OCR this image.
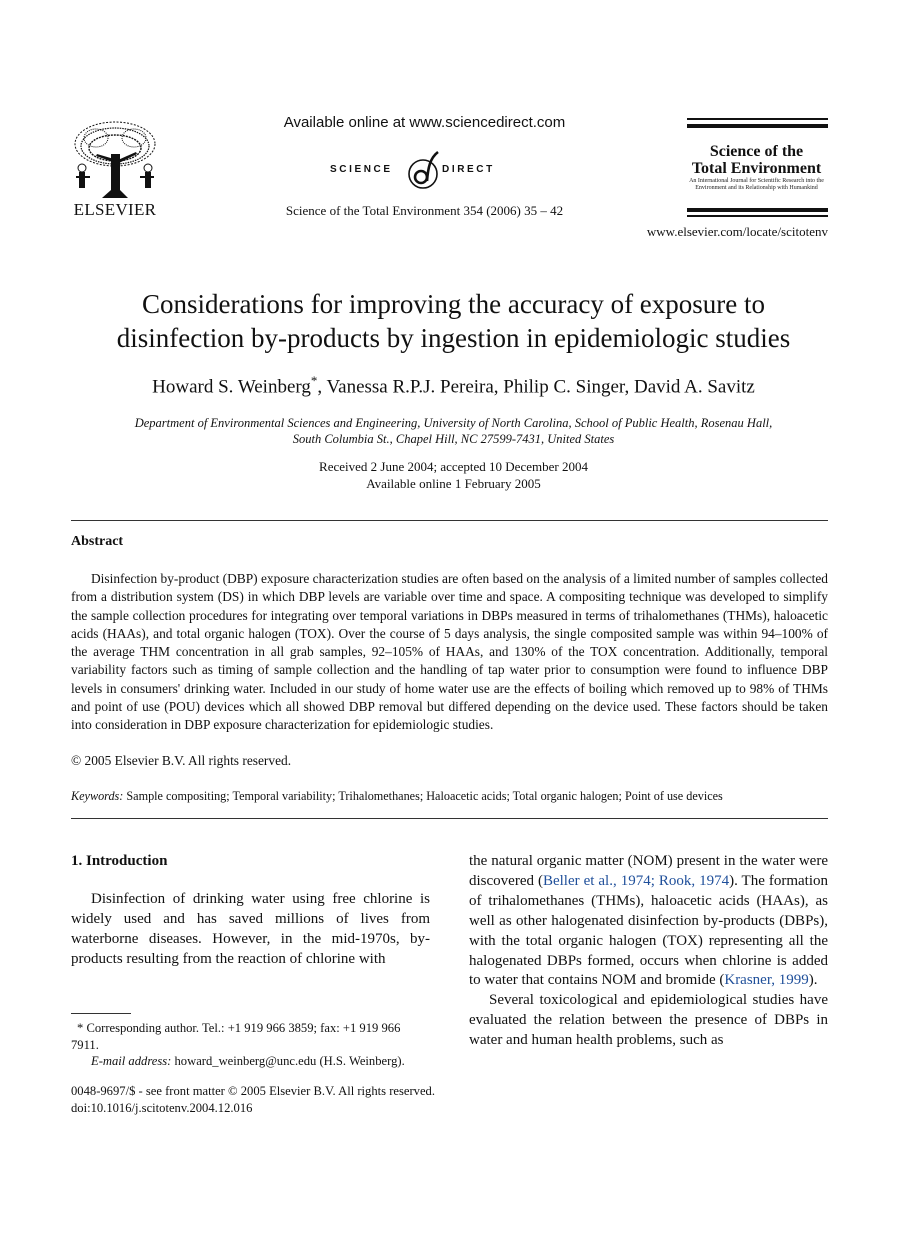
ELSEVIER
Available online at www.sciencedirect.com
SCIENCE	DIRECT
Science of the Total Environment 354 (2006) 35 – 42
Science of the
Total Environment
An International Journal for Scientific Research into the Environment and its Relationship with Humankind
www.elsevier.com/locate/scitotenv
Considerations for improving the accuracy of exposure to
disinfection by-products by ingestion in epidemiologic studies
Howard S. Weinberg*, Vanessa R.P.J. Pereira, Philip C. Singer, David A. Savitz
Department of Environmental Sciences and Engineering, University of North Carolina, School of Public Health, Rosenau Hall,
South Columbia St., Chapel Hill, NC 27599-7431, United States
Received 2 June 2004; accepted 10 December 2004
Available online 1 February 2005
Abstract
Disinfection by-product (DBP) exposure characterization studies are often based on the analysis of a limited number of samples collected from a distribution system (DS) in which DBP levels are variable over time and space. A compositing technique was developed to simplify the sample collection procedures for integrating over temporal variations in DBPs measured in terms of trihalomethanes (THMs), haloacetic acids (HAAs), and total organic halogen (TOX). Over the course of 5 days analysis, the single composited sample was within 94–100% of the average THM concentration in all grab samples, 92–105% of HAAs, and 130% of the TOX concentration. Additionally, temporal variability factors such as timing of sample collection and the handling of tap water prior to consumption were found to influence DBP levels in consumers' drinking water. Included in our study of home water use are the effects of boiling which removed up to 98% of THMs and point of use (POU) devices which all showed DBP removal but differed depending on the device used. These factors should be taken into consideration in DBP exposure characterization for epidemiologic studies.
© 2005 Elsevier B.V. All rights reserved.
Keywords: Sample compositing; Temporal variability; Trihalomethanes; Haloacetic acids; Total organic halogen; Point of use devices
1. Introduction

Disinfection of drinking water using free chlorine is widely used and has saved millions of lives from waterborne diseases. However, in the mid-1970s, by-products resulting from the reaction of chlorine with

the natural organic matter (NOM) present in the water were discovered (Beller et al., 1974; Rook, 1974). The formation of trihalomethanes (THMs), haloacetic acids (HAAs), as well as other halogenated disinfection by-products (DBPs), with the total organic halogen (TOX) representing all the halogenated DBPs formed, occurs when chlorine is added to water that contains NOM and bromide (Krasner, 1999).

Several toxicological and epidemiological studies have evaluated the relation between the presence of DBPs in water and human health problems, such as

* Corresponding author. Tel.: +1 919 966 3859; fax: +1 919 966 7911.

E-mail address: howard_weinberg@unc.edu (H.S. Weinberg).

0048-9697/$ - see front matter © 2005 Elsevier B.V. All rights reserved.
doi:10.1016/j.scitotenv.2004.12.016
